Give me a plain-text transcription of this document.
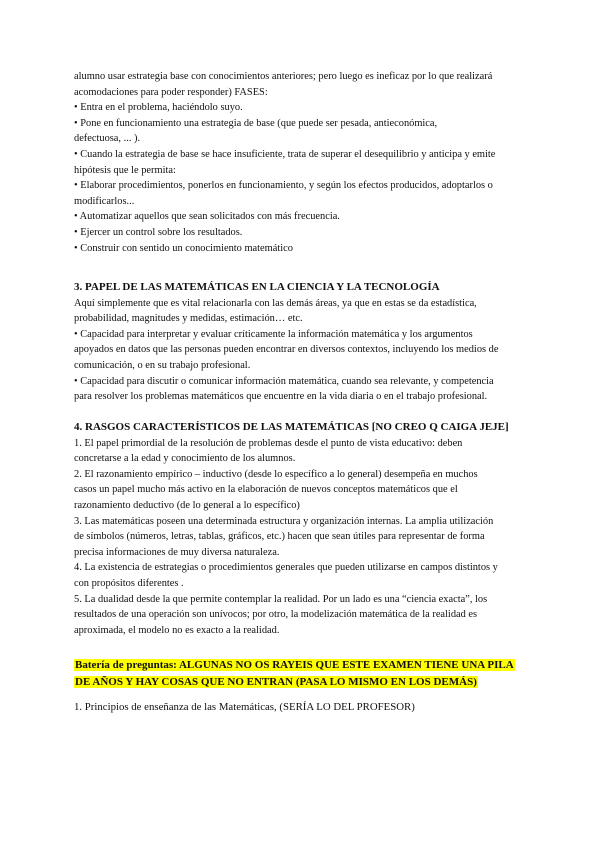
alumno usar estrategia base con conocimientos anteriores; pero luego es ineficaz por lo que realizará
acomodaciones para poder responder) FASES:
• Entra en el problema, haciéndolo suyo.
• Pone en funcionamiento una estrategia de base (que puede ser pesada, antieconómica,
defectuosa, ... ).
• Cuando la estrategia de base se hace insuficiente, trata de superar el desequilibrio y anticipa y emite
hipótesis que le permita:
• Elaborar procedimientos, ponerlos en funcionamiento, y según los efectos producidos, adoptarlos o
modificarlos...
• Automatizar aquellos que sean solicitados con más frecuencia.
• Ejercer un control sobre los resultados.
• Construir con sentido un conocimiento matemático
3. PAPEL DE LAS MATEMÁTICAS EN LA CIENCIA Y LA TECNOLOGÍA
Aquí simplemente que es vital relacionarla con las demás áreas, ya que en estas se da estadística,
probabilidad, magnitudes y medidas, estimación… etc.
• Capacidad para interpretar y evaluar críticamente la información matemática y los argumentos
apoyados en datos que las personas pueden encontrar en diversos contextos, incluyendo los medios de
comunicación, o en su trabajo profesional.
• Capacidad para discutir o comunicar información matemática, cuando sea relevante, y competencia
para resolver los problemas matemáticos que encuentre en la vida diaria o en el trabajo profesional.
4. RASGOS CARACTERÍSTICOS DE LAS MATEMÁTICAS [NO CREO Q CAIGA JEJE]
1. El papel primordial de la resolución de problemas desde el punto de vista educativo: deben
concretarse a la edad y conocimiento de los alumnos.
2. El razonamiento empírico – inductivo (desde lo específico a lo general) desempeña en muchos
casos un papel mucho más activo en la elaboración de nuevos conceptos matemáticos que el
razonamiento deductivo (de lo general a lo específico)
3. Las matemáticas poseen una determinada estructura y organización internas. La amplia utilización
de símbolos (números, letras, tablas, gráficos, etc.) hacen que sean útiles para representar de forma
precisa informaciones de muy diversa naturaleza.
4. La existencia de estrategias o procedimientos generales que pueden utilizarse en campos distintos y
con propósitos diferentes .
5. La dualidad desde la que permite contemplar la realidad. Por un lado es una “ciencia exacta”, los
resultados de una operación son unívocos; por otro, la modelización matemática de la realidad es
aproximada, el modelo no es exacto a la realidad.
Batería de preguntas: ALGUNAS NO OS RAYEIS QUE ESTE EXAMEN TIENE UNA PILA
DE AÑOS Y HAY COSAS QUE NO ENTRAN (PASA LO MISMO EN LOS DEMÁS)
1. Principios de enseñanza de las Matemáticas, (SERÍA LO DEL PROFESOR)
